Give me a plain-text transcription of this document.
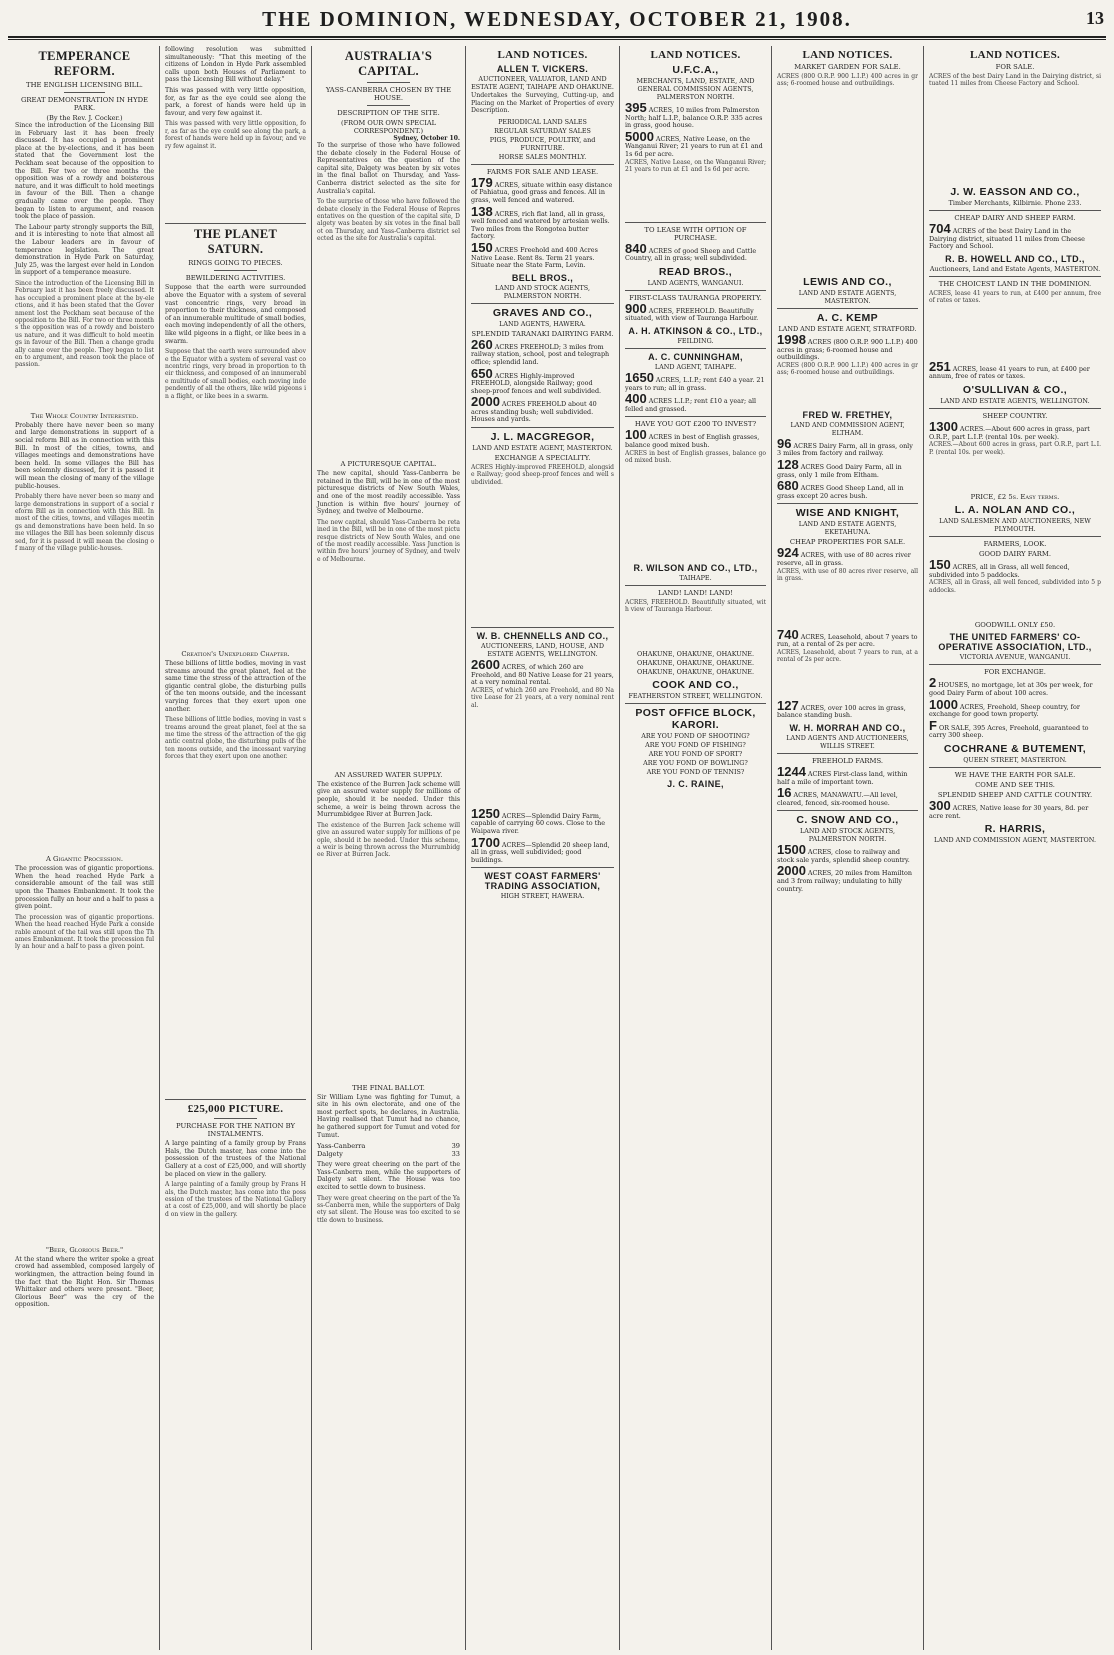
THE DOMINION, WEDNESDAY, OCTOBER 21, 1908.	13
TEMPERANCE REFORM.
THE ENGLISH LICENSING BILL.
GREAT DEMONSTRATION IN HYDE PARK.
(By the Rev. J. Cocker.)
Since the introduction of the Licensing Bill in February last it has been freely discussed. It has occupied a prominent place at the by-elections, and it has been stated that the Government lost the Peckham seat because of the opposition to the Bill. For two or three months the opposition was of a rowdy and boisterous nature, and it was difficult to hold meetings in favour of the Bill. Then a change gradually came over the people. They began to listen to argument, and reason took the place of passion.
The Labour party strongly supports the Bill, and it is interesting to note that almost all the Labour leaders are in favour of temperance legislation. The great demonstration in Hyde Park on Saturday, July 25, was the largest ever held in London in support of a temperance measure.
Since the introduction of the Licensing Bill in February last it has been freely discussed. It has occupied a prominent place at the by-elections, and it has been stated that the Government lost the Peckham seat because of the opposition to the Bill. For two or three months the opposition was of a rowdy and boisterous nature, and it was difficult to hold meetings in favour of the Bill. Then a change gradually came over the people. They began to listen to argument, and reason took the place of passion.
The Whole Country Interested.
Probably there have never been so many and large demonstrations in support of a social reform Bill as in connection with this Bill. In most of the cities, towns, and villages meetings and demonstrations have been held. In some villages the Bill has been solemnly discussed, for it is passed it will mean the closing of many of the village public-houses.
Probably there have never been so many and large demonstrations in support of a social reform Bill as in connection with this Bill. In most of the cities, towns, and villages meetings and demonstrations have been held. In some villages the Bill has been solemnly discussed, for it is passed it will mean the closing of many of the village public-houses.
A Gigantic Procession.
The procession was of gigantic proportions. When the head reached Hyde Park a considerable amount of the tail was still upon the Thames Embankment. It took the procession fully an hour and a half to pass a given point.
The procession was of gigantic proportions. When the head reached Hyde Park a considerable amount of the tail was still upon the Thames Embankment. It took the procession fully an hour and a half to pass a given point.
"Beer, Glorious Beer."
At the stand where the writer spoke a great crowd had assembled, composed largely of workingmen, the attraction being found in the fact that the Right Hon. Sir Thomas Whittaker and others were present. "Beer, Glorious Beer" was the cry of the opposition.
following resolution was submitted simultaneously: "That this meeting of the citizens of London in Hyde Park assembled calls upon both Houses of Parliament to pass the Licensing Bill without delay."
This was passed with very little opposition, for, as far as the eye could see along the park, a forest of hands were held up in favour, and very few against it.
This was passed with very little opposition, for, as far as the eye could see along the park, a forest of hands were held up in favour, and very few against it.
THE PLANET SATURN.
RINGS GOING TO PIECES.
BEWILDERING ACTIVITIES.
Suppose that the earth were surrounded above the Equator with a system of several vast concentric rings, very broad in proportion to their thickness, and composed of an innumerable multitude of small bodies, each moving independently of all the others, like wild pigeons in a flight, or like bees in a swarm.
Suppose that the earth were surrounded above the Equator with a system of several vast concentric rings, very broad in proportion to their thickness, and composed of an innumerable multitude of small bodies, each moving independently of all the others, like wild pigeons in a flight, or like bees in a swarm.
Creation's Unexplored Chapter.
These billions of little bodies, moving in vast streams around the great planet, feel at the same time the stress of the attraction of the gigantic central globe, the disturbing pulls of the ten moons outside, and the incessant varying forces that they exert upon one another.
These billions of little bodies, moving in vast streams around the great planet, feel at the same time the stress of the attraction of the gigantic central globe, the disturbing pulls of the ten moons outside, and the incessant varying forces that they exert upon one another.
£25,000 PICTURE.
PURCHASE FOR THE NATION BY INSTALMENTS.
A large painting of a family group by Frans Hals, the Dutch master, has come into the possession of the trustees of the National Gallery at a cost of £25,000, and will shortly be placed on view in the gallery.
A large painting of a family group by Frans Hals, the Dutch master, has come into the possession of the trustees of the National Gallery at a cost of £25,000, and will shortly be placed on view in the gallery.
AUSTRALIA'S CAPITAL.
YASS-CANBERRA CHOSEN BY THE HOUSE.
DESCRIPTION OF THE SITE.
(FROM OUR OWN SPECIAL CORRESPONDENT.)
Sydney, October 10.
To the surprise of those who have followed the debate closely in the Federal House of Representatives on the question of the capital site, Dalgety was beaten by six votes in the final ballot on Thursday, and Yass-Canberra district selected as the site for Australia's capital.
To the surprise of those who have followed the debate closely in the Federal House of Representatives on the question of the capital site, Dalgety was beaten by six votes in the final ballot on Thursday, and Yass-Canberra district selected as the site for Australia's capital.
A PICTURESQUE CAPITAL.
The new capital, should Yass-Canberra be retained in the Bill, will be in one of the most picturesque districts of New South Wales, and one of the most readily accessible. Yass Junction is within five hours' journey of Sydney, and twelve of Melbourne.
The new capital, should Yass-Canberra be retained in the Bill, will be in one of the most picturesque districts of New South Wales, and one of the most readily accessible. Yass Junction is within five hours' journey of Sydney, and twelve of Melbourne.
AN ASSURED WATER SUPPLY.
The existence of the Burren Jack scheme will give an assured water supply for millions of people, should it be needed. Under this scheme, a weir is being thrown across the Murrumbidgee River at Burren Jack.
The existence of the Burren Jack scheme will give an assured water supply for millions of people, should it be needed. Under this scheme, a weir is being thrown across the Murrumbidgee River at Burren Jack.
THE FINAL BALLOT.
Sir William Lyne was fighting for Tumut, a site in his own electorate, and one of the most perfect spots, he declares, in Australia. Having realised that Tumut had no chance, he gathered support for Tumut and voted for Tumut.
Yass-Canberra	39
Dalgety	33
They were great cheering on the part of the Yass-Canberra men, while the supporters of Dalgety sat silent. The House was too excited to settle down to business.
They were great cheering on the part of the Yass-Canberra men, while the supporters of Dalgety sat silent. The House was too excited to settle down to business.
LAND NOTICES.
ALLEN T. VICKERS.
AUCTIONEER, VALUATOR, LAND AND ESTATE AGENT, TAIHAPE AND OHAKUNE.
Undertakes the Surveying, Cutting-up, and Placing on the Market of Properties of every Description.
PERIODICAL LAND SALES
REGULAR SATURDAY SALES
PIGS, PRODUCE, POULTRY, and FURNITURE.
HORSE SALES MONTHLY.
FARMS FOR SALE AND LEASE.
179 ACRES, situate within easy distance of Pahiatua, good grass and fences. All in grass, well fenced and watered.
138 ACRES, rich flat land, all in grass, well fenced and watered by artesian wells. Two miles from the Rongotea butter factory.
150 ACRES Freehold and 400 Acres Native Lease. Rent 8s. Term 21 years. Situate near the State Farm, Levin.
BELL BROS.,
LAND AND STOCK AGENTS, PALMERSTON NORTH.
GRAVES AND CO.,
LAND AGENTS, HAWERA.
SPLENDID TARANAKI DAIRYING FARM.
260 ACRES FREEHOLD; 3 miles from railway station, school, post and telegraph office; splendid land.
650 ACRES Highly-improved FREEHOLD, alongside Railway; good sheep-proof fences and well subdivided.
2000 ACRES FREEHOLD about 40 acres standing bush; well subdivided. Houses and yards.
J. L. MACGREGOR,
LAND AND ESTATE AGENT, MASTERTON.
EXCHANGE A SPECIALITY.
ACRES Highly-improved FREEHOLD, alongside Railway; good sheep-proof fences and well subdivided.
W. B. CHENNELLS AND CO.,
AUCTIONEERS, LAND, HOUSE, AND ESTATE AGENTS, WELLINGTON.
2600 ACRES, of which 260 are Freehold, and 80 Native Lease for 21 years, at a very nominal rental.
ACRES, of which 260 are Freehold, and 80 Native Lease for 21 years, at a very nominal rental.
1250 ACRES—Splendid Dairy Farm, capable of carrying 60 cows. Close to the Waipawa river.
1700 ACRES—Splendid 20 sheep land, all in grass, well subdivided; good buildings.
WEST COAST FARMERS' TRADING ASSOCIATION,
HIGH STREET, HAWERA.
LAND NOTICES.
U.F.C.A.,
MERCHANTS, LAND, ESTATE, AND GENERAL COMMISSION AGENTS, PALMERSTON NORTH.
395 ACRES, 10 miles from Palmerston North; half L.I.P., balance O.R.P. 335 acres in grass, good house.
5000 ACRES, Native Lease, on the Wanganui River; 21 years to run at £1 and 1s 6d per acre.
ACRES, Native Lease, on the Wanganui River; 21 years to run at £1 and 1s 6d per acre.
TO LEASE WITH OPTION OF PURCHASE.
840 ACRES of good Sheep and Cattle Country, all in grass; well subdivided.
READ BROS.,
LAND AGENTS, WANGANUI.
FIRST-CLASS TAURANGA PROPERTY.
900 ACRES, FREEHOLD. Beautifully situated, with view of Tauranga Harbour.
A. H. ATKINSON & CO., LTD.,
FEILDING.
A. C. CUNNINGHAM,
LAND AGENT, TAIHAPE.
1650 ACRES, L.I.P.; rent £40 a year. 21 years to run; all in grass.
400 ACRES L.I.P.; rent £10 a year; all felled and grassed.
HAVE YOU GOT £200 TO INVEST?
100 ACRES in best of English grasses, balance good mixed bush.
ACRES in best of English grasses, balance good mixed bush.
R. WILSON AND CO., LTD.,
TAIHAPE.
LAND! LAND! LAND!
ACRES, FREEHOLD. Beautifully situated, with view of Tauranga Harbour.
OHAKUNE, OHAKUNE, OHAKUNE.
OHAKUNE, OHAKUNE, OHAKUNE.
OHAKUNE, OHAKUNE, OHAKUNE.
COOK AND CO.,
FEATHERSTON STREET, WELLINGTON.
POST OFFICE BLOCK, KARORI.
ARE YOU FOND OF SHOOTING?
ARE YOU FOND OF FISHING?
ARE YOU FOND OF SPORT?
ARE YOU FOND OF BOWLING?
ARE YOU FOND OF TENNIS?
J. C. RAINE,
LAND NOTICES.
MARKET GARDEN FOR SALE.
ACRES (800 O.R.P. 900 L.I.P.) 400 acres in grass; 6-roomed house and outbuildings.
LEWIS AND CO.,
LAND AND ESTATE AGENTS, MASTERTON.
A. C. KEMP
LAND AND ESTATE AGENT, STRATFORD.
1998 ACRES (800 O.R.P. 900 L.I.P.) 400 acres in grass; 6-roomed house and outbuildings.
ACRES (800 O.R.P. 900 L.I.P.) 400 acres in grass; 6-roomed house and outbuildings.
FRED W. FRETHEY,
LAND AND COMMISSION AGENT, ELTHAM.
96 ACRES Dairy Farm, all in grass, only 3 miles from factory and railway.
128 ACRES Good Dairy Farm, all in grass, only 1 mile from Eltham.
680 ACRES Good Sheep Land, all in grass except 20 acres bush.
WISE AND KNIGHT,
LAND AND ESTATE AGENTS, EKETAHUNA.
CHEAP PROPERTIES FOR SALE.
924 ACRES, with use of 80 acres river reserve, all in grass.
ACRES, with use of 80 acres river reserve, all in grass.
740 ACRES, Leasehold, about 7 years to run, at a rental of 2s per acre.
ACRES, Leasehold, about 7 years to run, at a rental of 2s per acre.
127 ACRES, over 100 acres in grass, balance standing bush.
W. H. MORRAH AND CO.,
LAND AGENTS AND AUCTIONEERS, WILLIS STREET.
FREEHOLD FARMS.
1244 ACRES First-class land, within half a mile of important town.
16 ACRES, MANAWATU.—All level, cleared, fenced, six-roomed house.
C. SNOW AND CO.,
LAND AND STOCK AGENTS, PALMERSTON NORTH.
1500 ACRES, close to railway and stock sale yards, splendid sheep country.
2000 ACRES, 20 miles from Hamilton and 3 from railway; undulating to hilly country.
LAND NOTICES.
FOR SALE.
ACRES of the best Dairy Land in the Dairying district, situated 11 miles from Cheese Factory and School.
J. W. EASSON AND CO.,
Timber Merchants, Kilbirnie. Phone 233.
CHEAP DAIRY AND SHEEP FARM.
704 ACRES of the best Dairy Land in the Dairying district, situated 11 miles from Cheese Factory and School.
R. B. HOWELL AND CO., LTD.,
Auctioneers, Land and Estate Agents, MASTERTON.
THE CHOICEST LAND IN THE DOMINION.
ACRES, lease 41 years to run, at £400 per annum, free of rates or taxes.
251 ACRES, lease 41 years to run, at £400 per annum, free of rates or taxes.
O'SULLIVAN & CO.,
LAND AND ESTATE AGENTS, WELLINGTON.
SHEEP COUNTRY.
1300 ACRES.—About 600 acres in grass, part O.R.P., part L.I.P. (rental 10s. per week).
ACRES.—About 600 acres in grass, part O.R.P., part L.I.P. (rental 10s. per week).
PRICE, £2 5s. Easy terms.
L. A. NOLAN AND CO.,
LAND SALESMEN AND AUCTIONEERS, NEW PLYMOUTH.
FARMERS, LOOK.
GOOD DAIRY FARM.
150 ACRES, all in Grass, all well fenced, subdivided into 5 paddocks.
ACRES, all in Grass, all well fenced, subdivided into 5 paddocks.
GOODWILL ONLY £50.
THE UNITED FARMERS' CO-OPERATIVE ASSOCIATION, LTD.,
VICTORIA AVENUE, WANGANUI.
FOR EXCHANGE.
2 HOUSES, no mortgage, let at 30s per week, for good Dairy Farm of about 100 acres.
1000 ACRES, Freehold, Sheep country, for exchange for good town property.
FOR SALE, 395 Acres, Freehold, guaranteed to carry 300 sheep.
COCHRANE & BUTEMENT,
QUEEN STREET, MASTERTON.
WE HAVE THE EARTH FOR SALE.
COME AND SEE THIS.
SPLENDID SHEEP AND CATTLE COUNTRY.
300 ACRES, Native lease for 30 years, 8d. per acre rent.
R. HARRIS,
LAND AND COMMISSION AGENT, MASTERTON.
